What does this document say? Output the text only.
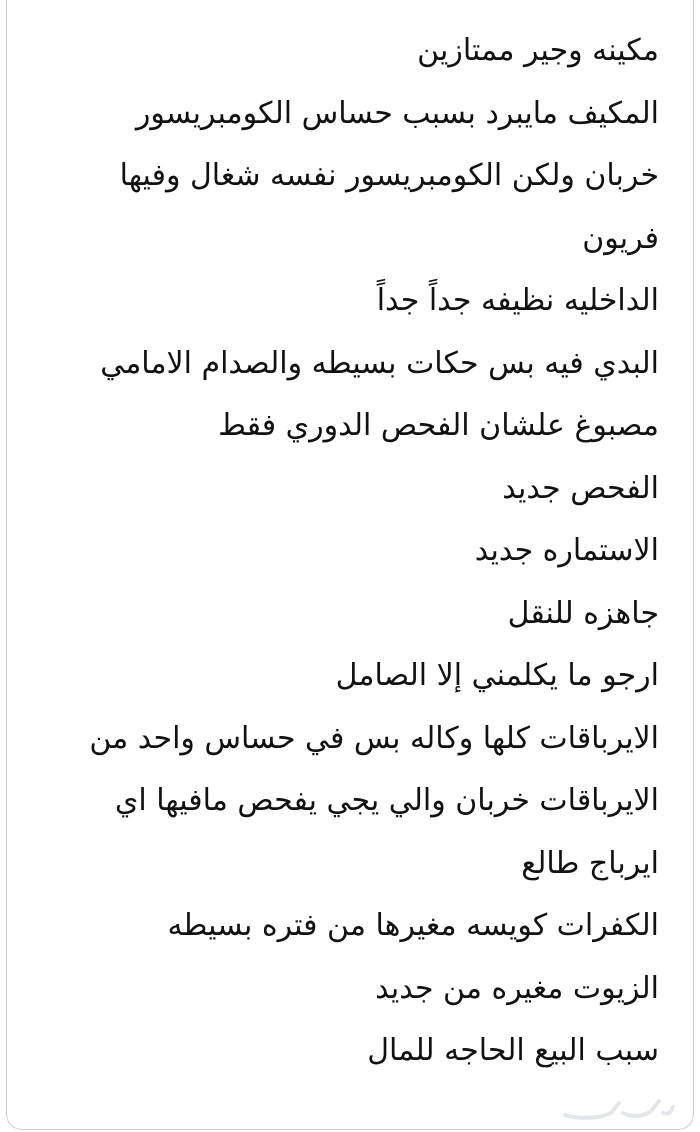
مكينه وجير ممتازين
المكيف مايبرد بسبب حساس الكومبريسور
خربان ولكن الكومبريسور نفسه شغال وفيها
فريون
الداخليه نظيفه جداً جداً
البدي فيه بس حكات بسيطه والصدام الامامي
مصبوغ علشان الفحص الدوري فقط
الفحص جديد
الاستماره جديد
جاهزه للنقل
ارجو ما يكلمني إلا الصامل
الايرباقات كلها وكاله بس في حساس واحد من
الايرباقات خربان والي يجي يفحص مافيها اي
ايرباج طالع
الكفرات كويسه مغيرها من فتره بسيطه
الزيوت مغيره من جديد
سبب البيع الحاجه للمال
